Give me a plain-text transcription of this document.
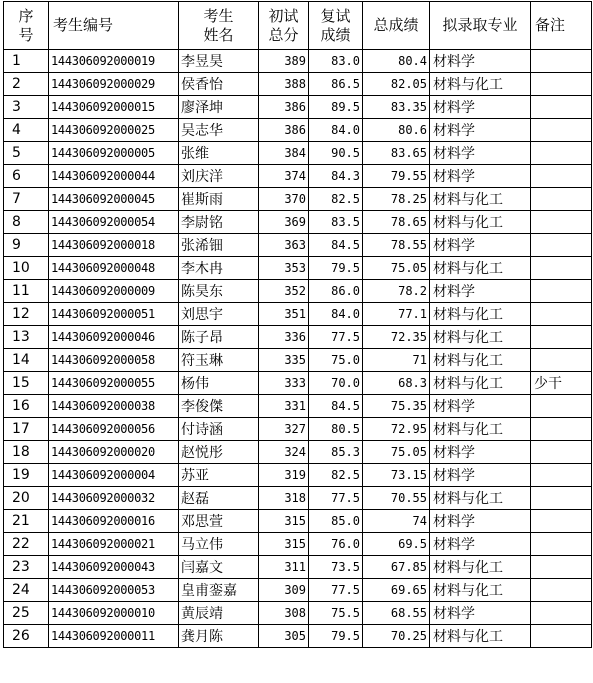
序号	考生编号	考生姓名	初试总分	复试成绩	总成绩	拟录取专业	备注
1	144306092000019	李昱昊	389	83.0	80.4	材料学	
2	144306092000029	侯香怡	388	86.5	82.05	材料与化工	
3	144306092000015	廖泽坤	386	89.5	83.35	材料学	
4	144306092000025	吴志华	386	84.0	80.6	材料学	
5	144306092000005	张维	384	90.5	83.65	材料学	
6	144306092000044	刘庆洋	374	84.3	79.55	材料学	
7	144306092000045	崔斯雨	370	82.5	78.25	材料与化工	
8	144306092000054	李尉铭	369	83.5	78.65	材料与化工	
9	144306092000018	张浠钿	363	84.5	78.55	材料学	
10	144306092000048	李木冉	353	79.5	75.05	材料与化工	
11	144306092000009	陈昊东	352	86.0	78.2	材料学	
12	144306092000051	刘思宇	351	84.0	77.1	材料与化工	
13	144306092000046	陈子昂	336	77.5	72.35	材料与化工	
14	144306092000058	符玉琳	335	75.0	71	材料与化工	
15	144306092000055	杨伟	333	70.0	68.3	材料与化工	少干
16	144306092000038	李俊傑	331	84.5	75.35	材料学	
17	144306092000056	付诗涵	327	80.5	72.95	材料与化工	
18	144306092000020	赵悦彤	324	85.3	75.05	材料学	
19	144306092000004	苏亚	319	82.5	73.15	材料学	
20	144306092000032	赵磊	318	77.5	70.55	材料与化工	
21	144306092000016	邓思萱	315	85.0	74	材料学	
22	144306092000021	马立伟	315	76.0	69.5	材料学	
23	144306092000043	闫嘉文	311	73.5	67.85	材料与化工	
24	144306092000053	皇甫銮嘉	309	77.5	69.65	材料与化工	
25	144306092000010	黄辰靖	308	75.5	68.55	材料学	
26	144306092000011	龚月陈	305	79.5	70.25	材料与化工	
